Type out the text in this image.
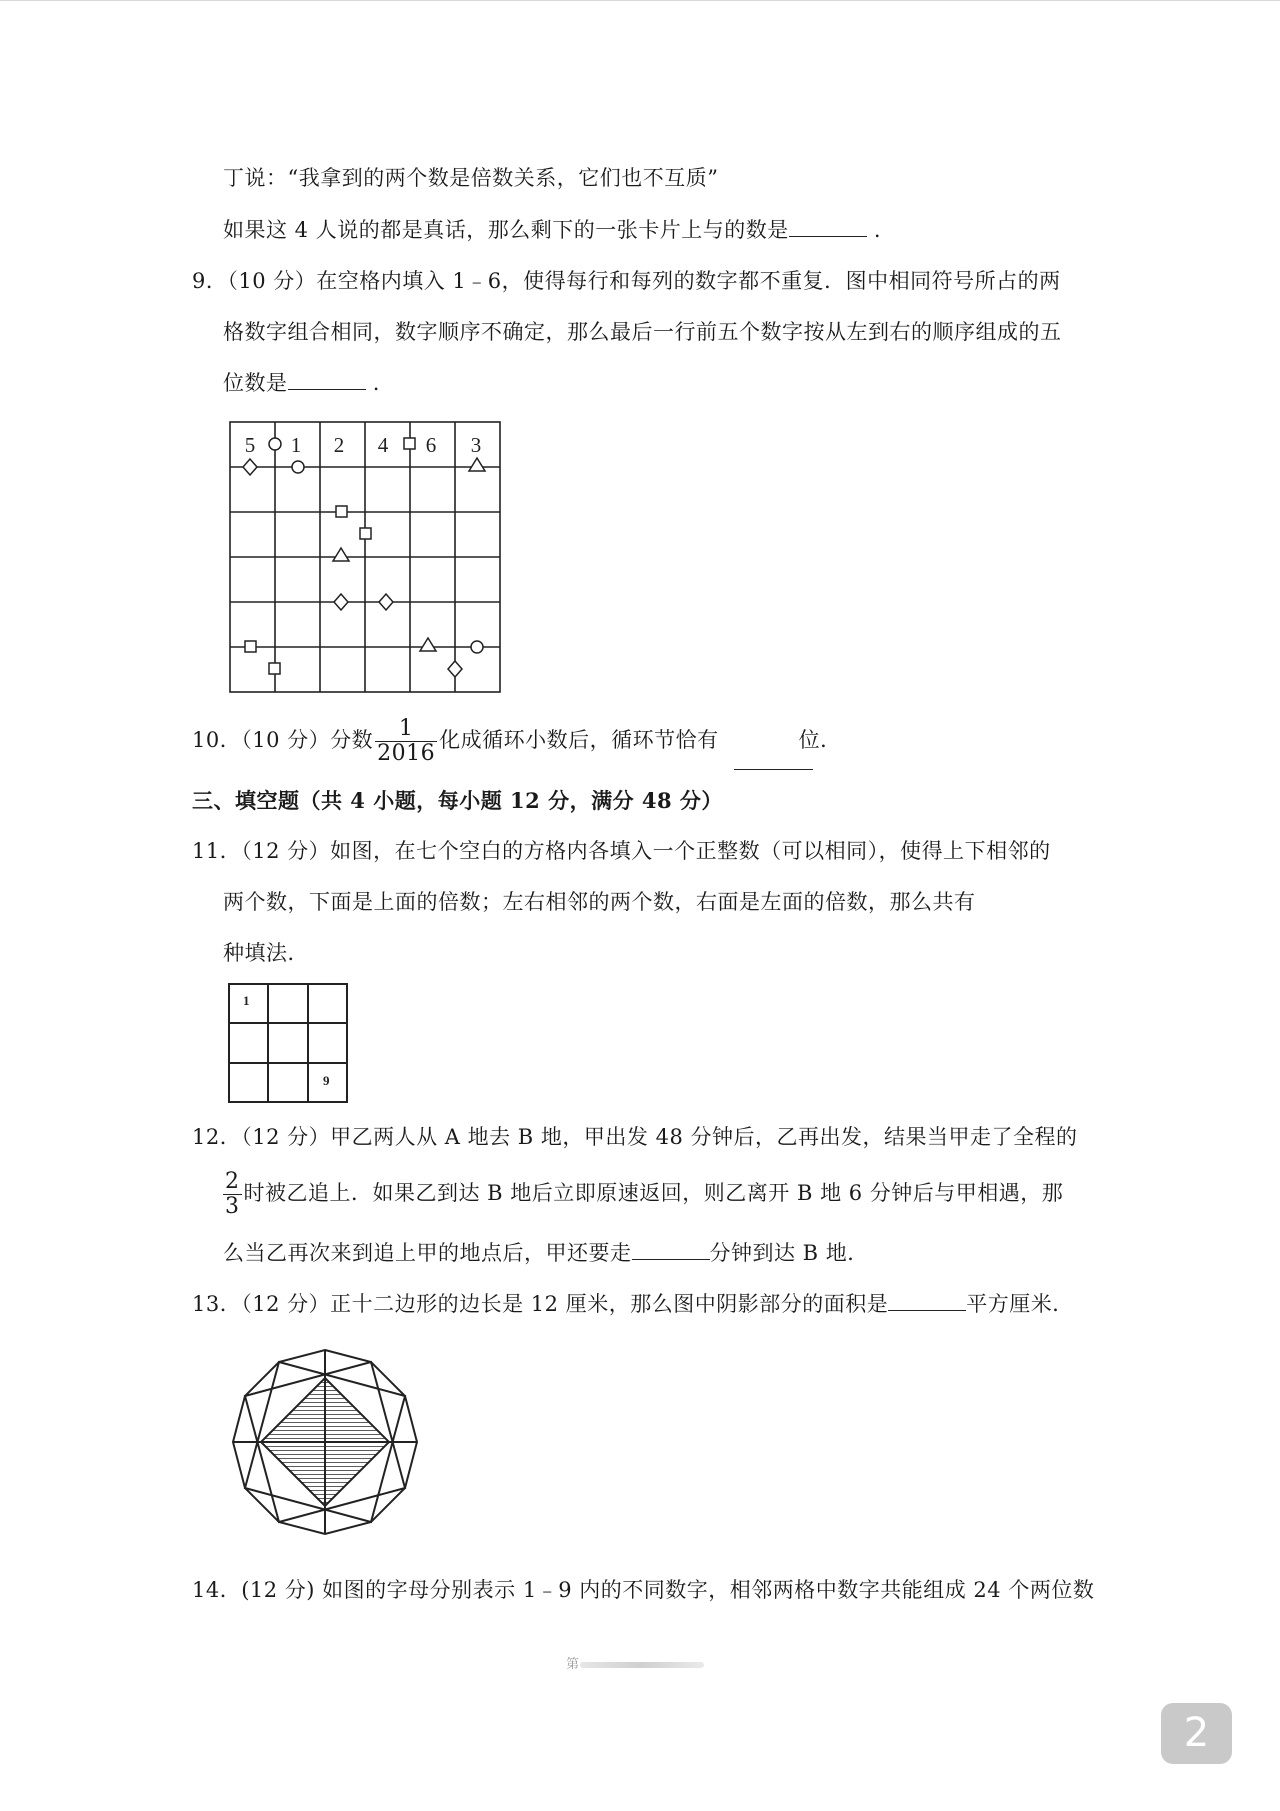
丁说：“我拿到的两个数是倍数关系，它们也不互质”
如果这 4 人说的都是真话，那么剩下的一张卡片上与的数是	.
9．（10 分）在空格内填入 1﹣6，使得每行和每列的数字都不重复．图中相同符号所占的两
格数字组合相同，数字顺序不确定，那么最后一行前五个数字按从左到右的顺序组成的五
位数是	.
5 1 2 4 6 3
10．（10 分）分数 $\frac{1}{2016}$ 化成循环小数后，循环节恰有	位．
三、填空题（共 4 小题，每小题 12 分，满分 48 分）
11．（12 分）如图，在七个空白的方格内各填入一个正整数（可以相同），使得上下相邻的
两个数，下面是上面的倍数；左右相邻的两个数，右面是左面的倍数，那么共有
种填法．
1
9
12．（12 分）甲乙两人从 A 地去 B 地，甲出发 48 分钟后，乙再出发，结果当甲走了全程的
$\frac{2}{3}$ 时被乙追上．如果乙到达 B 地后立即原速返回，则乙离开 B 地 6 分钟后与甲相遇，那
么当乙再次来到追上甲的地点后，甲还要走	分钟到达 B 地．
13．（12 分）正十二边形的边长是 12 厘米，那么图中阴影部分的面积是	平方厘米．
14．(12 分) 如图的字母分别表示 1﹣9 内的不同数字，相邻两格中数字共能组成 24 个两位数
第
2
